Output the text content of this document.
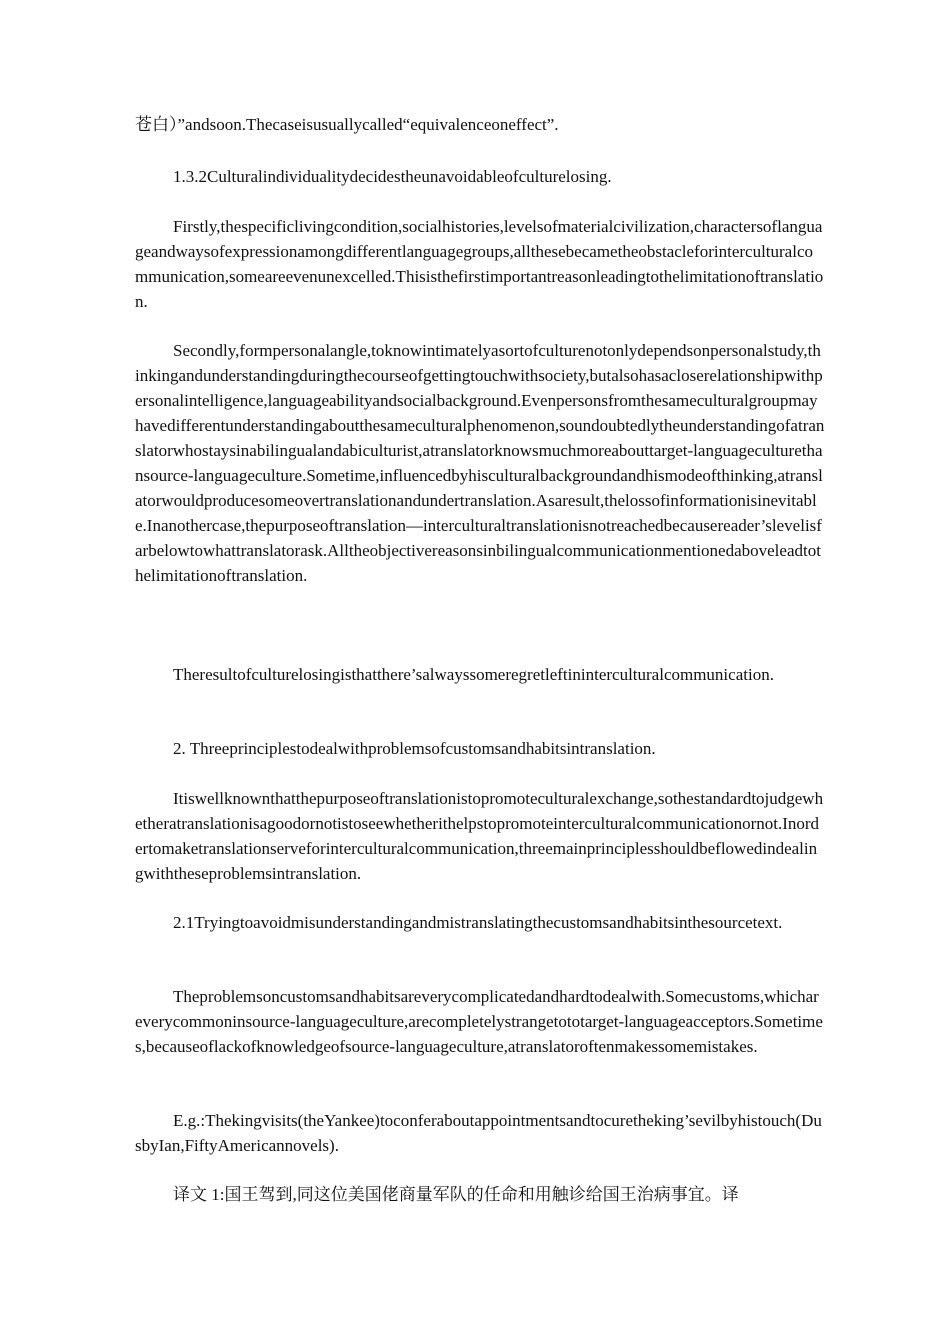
苍白）”andsoon.Thecaseisusuallycalled“equivalenceoneffect”.

1.3.2Culturalindividualitydecidestheunavoidableofculturelosing.

Firstly,thespecificlivingcondition,socialhistories,levelsofmaterialcivilization,charactersoflanguageandwaysofexpressionamongdifferentlanguagegroups,allthesebecametheobstacleforinterculturalcommunication,someareevenunexcelled.Thisisthefirstimportantreasonleadingtothelimitationoftranslation.

Secondly,formpersonalangle,toknowintimatelyasortofculturenotonlydependsonpersonalstudy,thinkingandunderstandingduringthecourseofgettingtouchwithsociety,butalsohasacloserelationshipwithpersonalintelligence,languageabilityandsocialbackground.Evenpersonsfromthesameculturalgroupmayhavedifferentunderstandingaboutthesameculturalphenomenon,soundoubtedlytheunderstandingofatranslatorwhostaysinabilingualandabiculturist,atranslatorknowsmuchmoreabouttarget-languageculturethansource-languageculture.Sometime,influencedbyhisculturalbackgroundandhismodeofthinking,atranslatorwouldproducesomeovertranslationandundertranslation.Asaresult,thelossofinformationisinevitable.Inanothercase,thepurposeoftranslation—interculturaltranslationisnotreachedbecausereader’slevelisfarbelowtowhattranslatorask.Alltheobjectivereasonsinbilingualcommunicationmentionedaboveleadtothelimitationoftranslation.

Theresultofculturelosingisthatthere’salwayssomeregretleftininterculturalcommunication.

2. Threeprinciplestodealwithproblemsofcustomsandhabitsintranslation.

Itiswellknownthatthepurposeoftranslationistopromoteculturalexchange,sothestandardtojudgewhetheratranslationisagoodornotistoseewhetherithelpstopromoteinterculturalcommunicationornot.Inordertomaketranslationserveforinterculturalcommunication,threemainprinciplesshouldbeflowedindealingwiththeseproblemsintranslation.

2.1Tryingtoavoidmisunderstandingandmistranslatingthecustomsandhabitsinthesourcetext.

Theproblemsoncustomsandhabitsareverycomplicatedandhardtodealwith.Somecustoms,whichareverycommoninsource-languageculture,arecompletelystrangetototarget-languageacceptors.Sometimes,becauseoflackofknowledgeofsource-languageculture,atranslatoroftenmakessomemistakes.

E.g.:Thekingvisits(theYankee)toconferaboutappointmentsandtocuretheking’sevilbyhistouch(DusbyIan,FiftyAmericannovels).

译文 1:国王驾到,同这位美国佬商量军队的任命和用触诊给国王治病事宜。译
